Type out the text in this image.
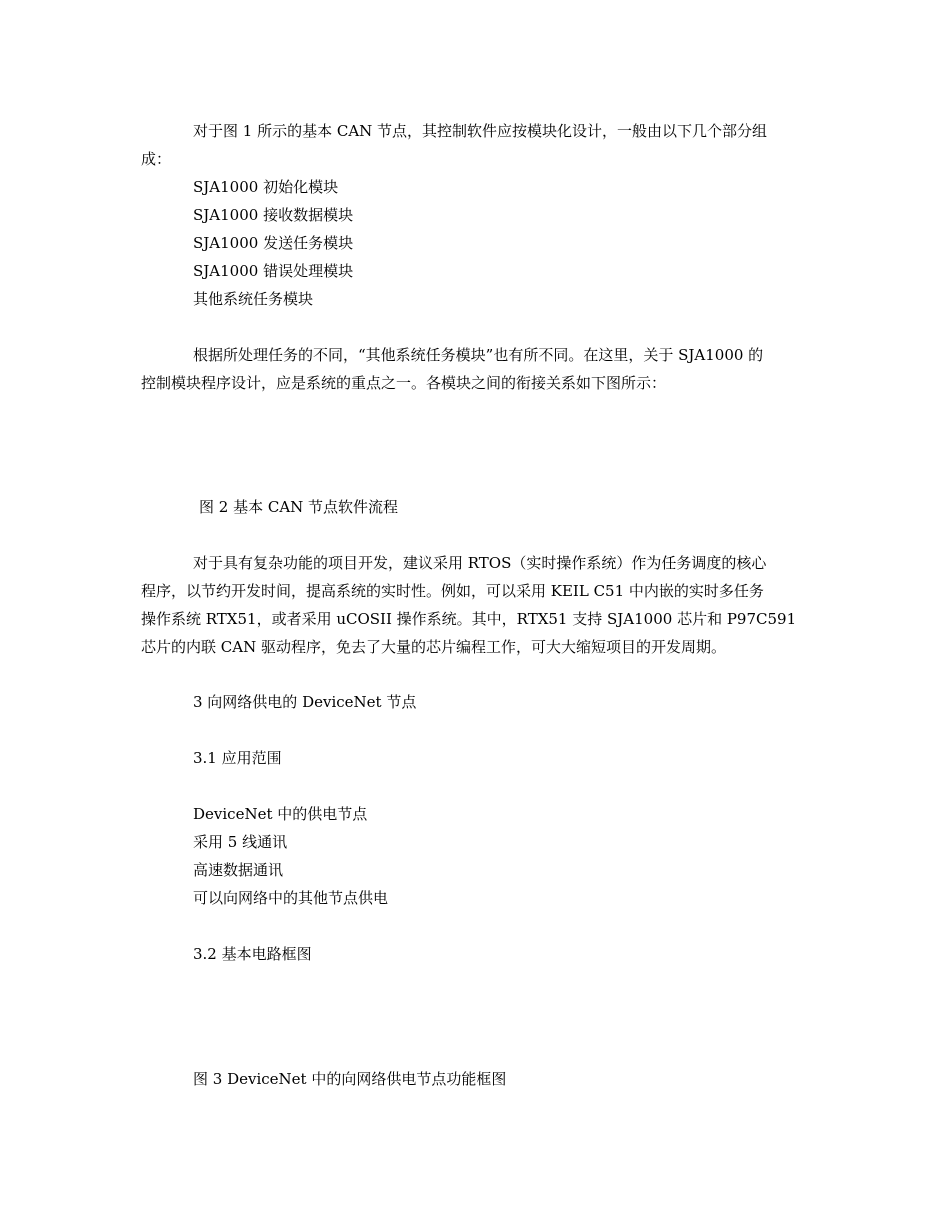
对于图 1 所示的基本 CAN 节点，其控制软件应按模块化设计，一般由以下几个部分组
成：
SJA1000 初始化模块
SJA1000 接收数据模块
SJA1000 发送任务模块
SJA1000 错误处理模块
其他系统任务模块
根据所处理任务的不同，“其他系统任务模块”也有所不同。在这里，关于 SJA1000 的
控制模块程序设计，应是系统的重点之一。各模块之间的衔接关系如下图所示：
图 2 基本 CAN 节点软件流程
对于具有复杂功能的项目开发，建议采用 RTOS（实时操作系统）作为任务调度的核心
程序，以节约开发时间，提高系统的实时性。例如，可以采用 KEIL C51 中内嵌的实时多任务
操作系统 RTX51，或者采用 uCOSII 操作系统。其中，RTX51 支持 SJA1000 芯片和 P97C591
芯片的内联 CAN 驱动程序，免去了大量的芯片编程工作，可大大缩短项目的开发周期。
3 向网络供电的 DeviceNet 节点
3.1 应用范围
DeviceNet 中的供电节点
采用 5 线通讯
高速数据通讯
可以向网络中的其他节点供电
3.2 基本电路框图
图 3 DeviceNet 中的向网络供电节点功能框图
